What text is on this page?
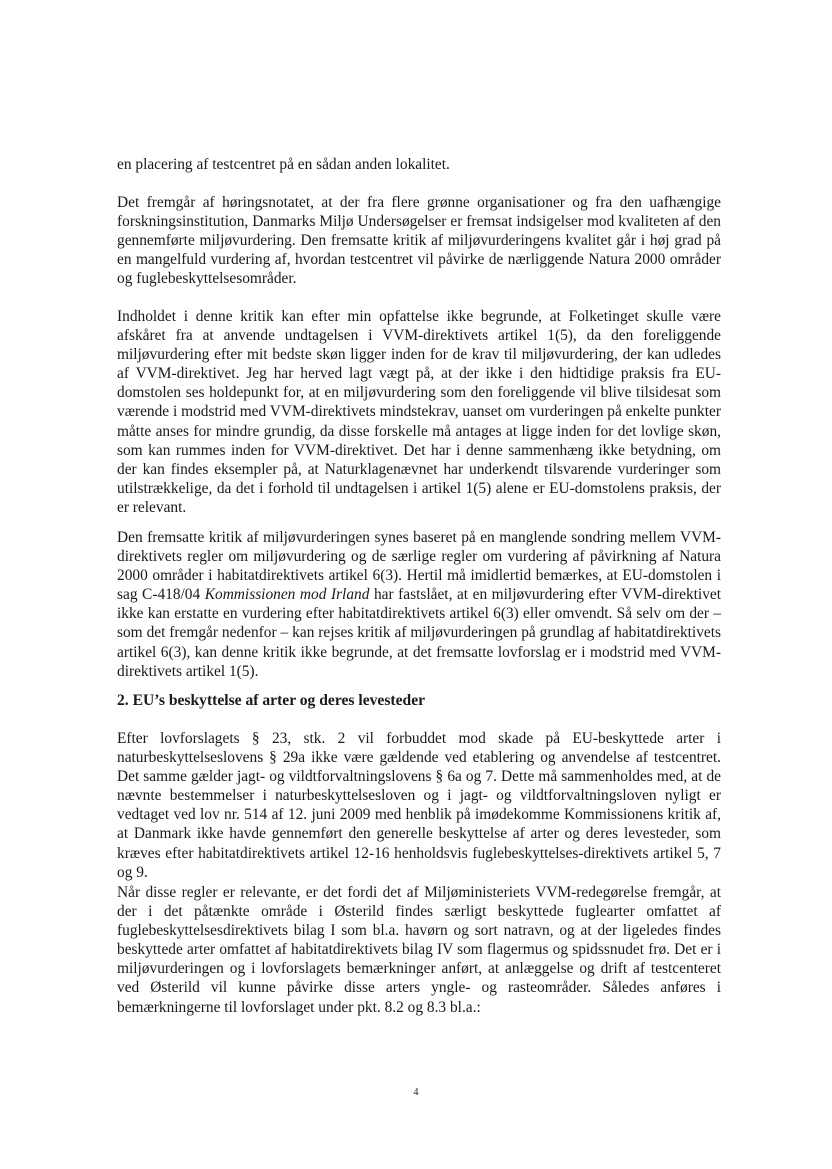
en placering af testcentret på en sådan anden lokalitet.

Det fremgår af høringsnotatet, at der fra flere grønne organisationer og fra den uafhængige forskningsinstitution, Danmarks Miljø Undersøgelser er fremsat indsigelser mod kvaliteten af den gennemførte miljøvurdering. Den fremsatte kritik af miljøvurderingens kvalitet går i høj grad på en mangelfuld vurdering af, hvordan testcentret vil påvirke de nærliggende Natura 2000 områder og fuglebeskyttelsesområder.

Indholdet i denne kritik kan efter min opfattelse ikke begrunde, at Folketinget skulle være afskåret fra at anvende undtagelsen i VVM-direktivets artikel 1(5), da den foreliggende miljøvurdering efter mit bedste skøn ligger inden for de krav til miljøvurdering, der kan udledes af VVM-direktivet. Jeg har herved lagt vægt på, at der ikke i den hidtidige praksis fra EU-domstolen ses holdepunkt for, at en miljøvurdering som den foreliggende vil blive tilsidesat som værende i modstrid med VVM-direktivets mindstekrav, uanset om vurderingen på enkelte punkter måtte anses for mindre grundig, da disse forskelle må antages at ligge inden for det lovlige skøn, som kan rummes inden for VVM-direktivet. Det har i denne sammenhæng ikke betydning, om der kan findes eksempler på, at Naturklagenævnet har underkendt tilsvarende vurderinger som utilstrækkelige, da det i forhold til undtagelsen i artikel 1(5) alene er EU-domstolens praksis, der er relevant.

Den fremsatte kritik af miljøvurderingen synes baseret på en manglende sondring mellem VVM-direktivets regler om miljøvurdering og de særlige regler om vurdering af påvirkning af Natura 2000 områder i habitatdirektivets artikel 6(3). Hertil må imidlertid bemærkes, at EU-domstolen i sag C-418/04 Kommissionen mod Irland har fastslået, at en miljøvurdering efter VVM-direktivet ikke kan erstatte en vurdering efter habitatdirektivets artikel 6(3) eller omvendt. Så selv om der – som det fremgår nedenfor – kan rejses kritik af miljøvurderingen på grundlag af habitatdirektivets artikel 6(3), kan denne kritik ikke begrunde, at det fremsatte lovforslag er i modstrid med VVM-direktivets artikel 1(5).

2. EU’s beskyttelse af arter og deres levesteder

Efter lovforslagets § 23, stk. 2 vil forbuddet mod skade på EU-beskyttede arter i naturbeskyttelseslovens § 29a ikke være gældende ved etablering og anvendelse af testcentret. Det samme gælder jagt- og vildtforvaltningslovens § 6a og 7. Dette må sammenholdes med, at de nævnte bestemmelser i naturbeskyttelsesloven og i jagt- og vildtforvaltningsloven nyligt er vedtaget ved lov nr. 514 af 12. juni 2009 med henblik på imødekomme Kommissionens kritik af, at Danmark ikke havde gennemført den generelle beskyttelse af arter og deres levesteder, som kræves efter habitatdirektivets artikel 12-16 henholdsvis fuglebeskyttelses-direktivets artikel 5, 7 og 9.

Når disse regler er relevante, er det fordi det af Miljøministeriets VVM-redegørelse fremgår, at der i det påtænkte område i Østerild findes særligt beskyttede fuglearter omfattet af fuglebeskyttelsesdirektivets bilag I som bl.a. havørn og sort natravn, og at der ligeledes findes beskyttede arter omfattet af habitatdirektivets bilag IV som flagermus og spidssnudet frø. Det er i miljøvurderingen og i lovforslagets bemærkninger anført, at anlæggelse og drift af testcenteret ved Østerild vil kunne påvirke disse arters yngle- og rasteområder. Således anføres i bemærkningerne til lovforslaget under pkt. 8.2 og 8.3 bl.a.:

4
